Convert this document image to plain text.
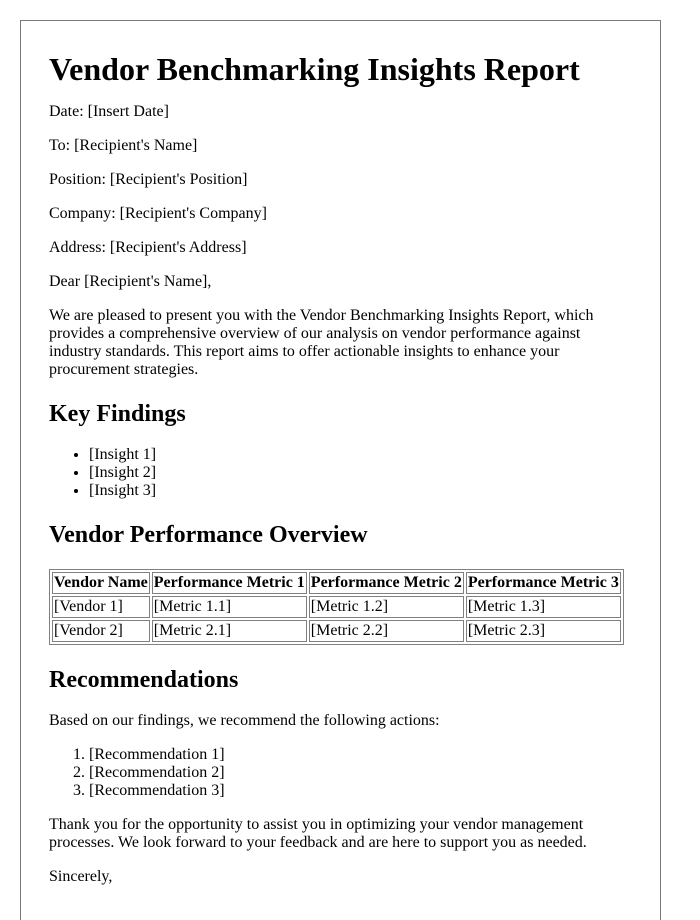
Vendor Benchmarking Insights Report

Date: [Insert Date]

To: [Recipient's Name]

Position: [Recipient's Position]

Company: [Recipient's Company]

Address: [Recipient's Address]

Dear [Recipient's Name],

We are pleased to present you with the Vendor Benchmarking Insights Report, which provides a comprehensive overview of our analysis on vendor performance against industry standards. This report aims to offer actionable insights to enhance your procurement strategies.

Key Findings
• [Insight 1]
• [Insight 2]
• [Insight 3]
Vendor Performance Overview
Vendor Name	Performance Metric 1	Performance Metric 2	Performance Metric 3
[Vendor 1]	[Metric 1.1]	[Metric 1.2]	[Metric 1.3]
[Vendor 2]	[Metric 2.1]	[Metric 2.2]	[Metric 2.3]
Recommendations

Based on our findings, we recommend the following actions:

1. [Recommendation 1]
2. [Recommendation 2]
3. [Recommendation 3]

Thank you for the opportunity to assist you in optimizing your vendor management processes. We look forward to your feedback and are here to support you as needed.

Sincerely,
